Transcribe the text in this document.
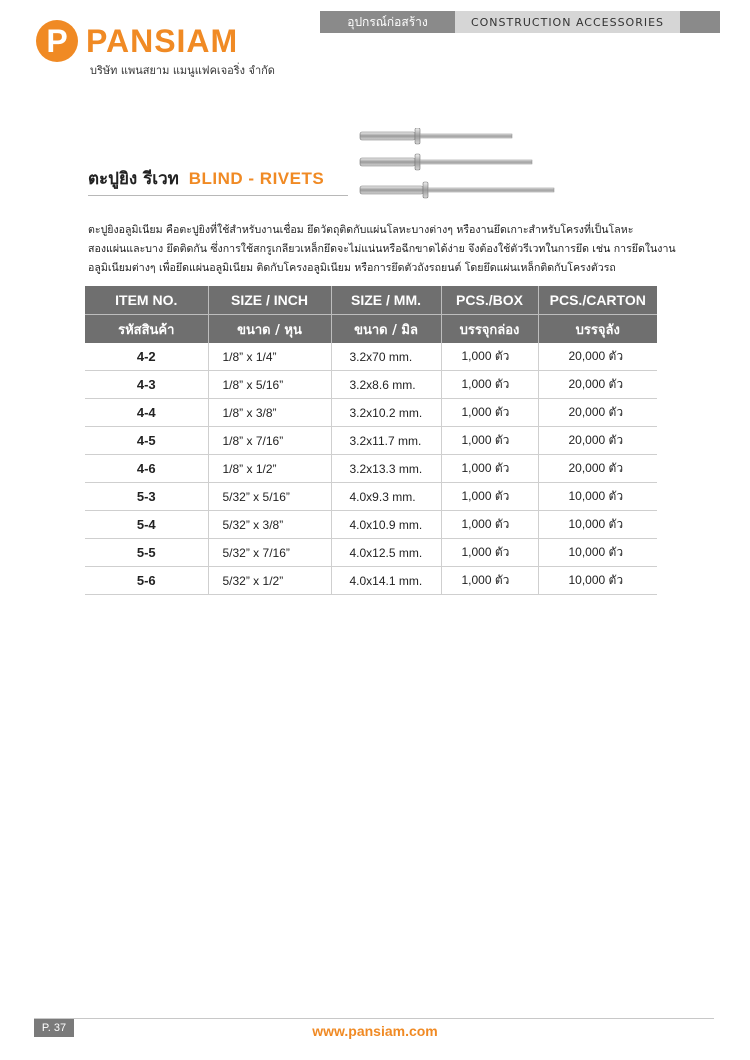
P PANSIAM
บริษัท แพนสยาม แมนูแฟคเจอริ่ง จำกัด
อุปกรณ์ก่อสร้าง	CONSTRUCTION ACCESSORIES
ตะปูยิง รีเวท BLIND - RIVETS
ตะปูยิงอลูมิเนียม คือตะปูยิงที่ใช้สำหรับงานเชื่อม ยึดวัตถุติดกับแผ่นโลหะบางต่างๆ หรืองานยึดเกาะสำหรับโครงที่เป็นโลหะ
สองแผ่นและบาง ยึดติดกัน ซึ่งการใช้สกรูเกลียวเหล็กยึดจะไม่แน่นหรือฉีกขาดได้ง่าย จึงต้องใช้ตัวรีเวทในการยึด เช่น การยึดในงาน
อลูมิเนียมต่างๆ เพื่อยึดแผ่นอลูมิเนียม ติดกับโครงอลูมิเนียม หรือการยึดตัวถังรถยนต์ โดยยึดแผ่นเหล็กติดกับโครงตัวรถ
ITEM NO.	SIZE / INCH	SIZE / MM.	PCS./BOX	PCS./CARTON
รหัสสินค้า	ขนาด / หุน	ขนาด / มิล	บรรจุกล่อง	บรรจุลัง
4-2	1/8” x 1/4”	3.2x70 mm.	1,000 ตัว	20,000 ตัว
4-3	1/8” x 5/16”	3.2x8.6 mm.	1,000 ตัว	20,000 ตัว
4-4	1/8” x 3/8”	3.2x10.2 mm.	1,000 ตัว	20,000 ตัว
4-5	1/8” x 7/16”	3.2x11.7 mm.	1,000 ตัว	20,000 ตัว
4-6	1/8” x 1/2”	3.2x13.3 mm.	1,000 ตัว	20,000 ตัว
5-3	5/32” x 5/16”	4.0x9.3 mm.	1,000 ตัว	10,000 ตัว
5-4	5/32” x 3/8”	4.0x10.9 mm.	1,000 ตัว	10,000 ตัว
5-5	5/32” x 7/16”	4.0x12.5 mm.	1,000 ตัว	10,000 ตัว
5-6	5/32” x 1/2”	4.0x14.1 mm.	1,000 ตัว	10,000 ตัว
P. 37	www.pansiam.com
